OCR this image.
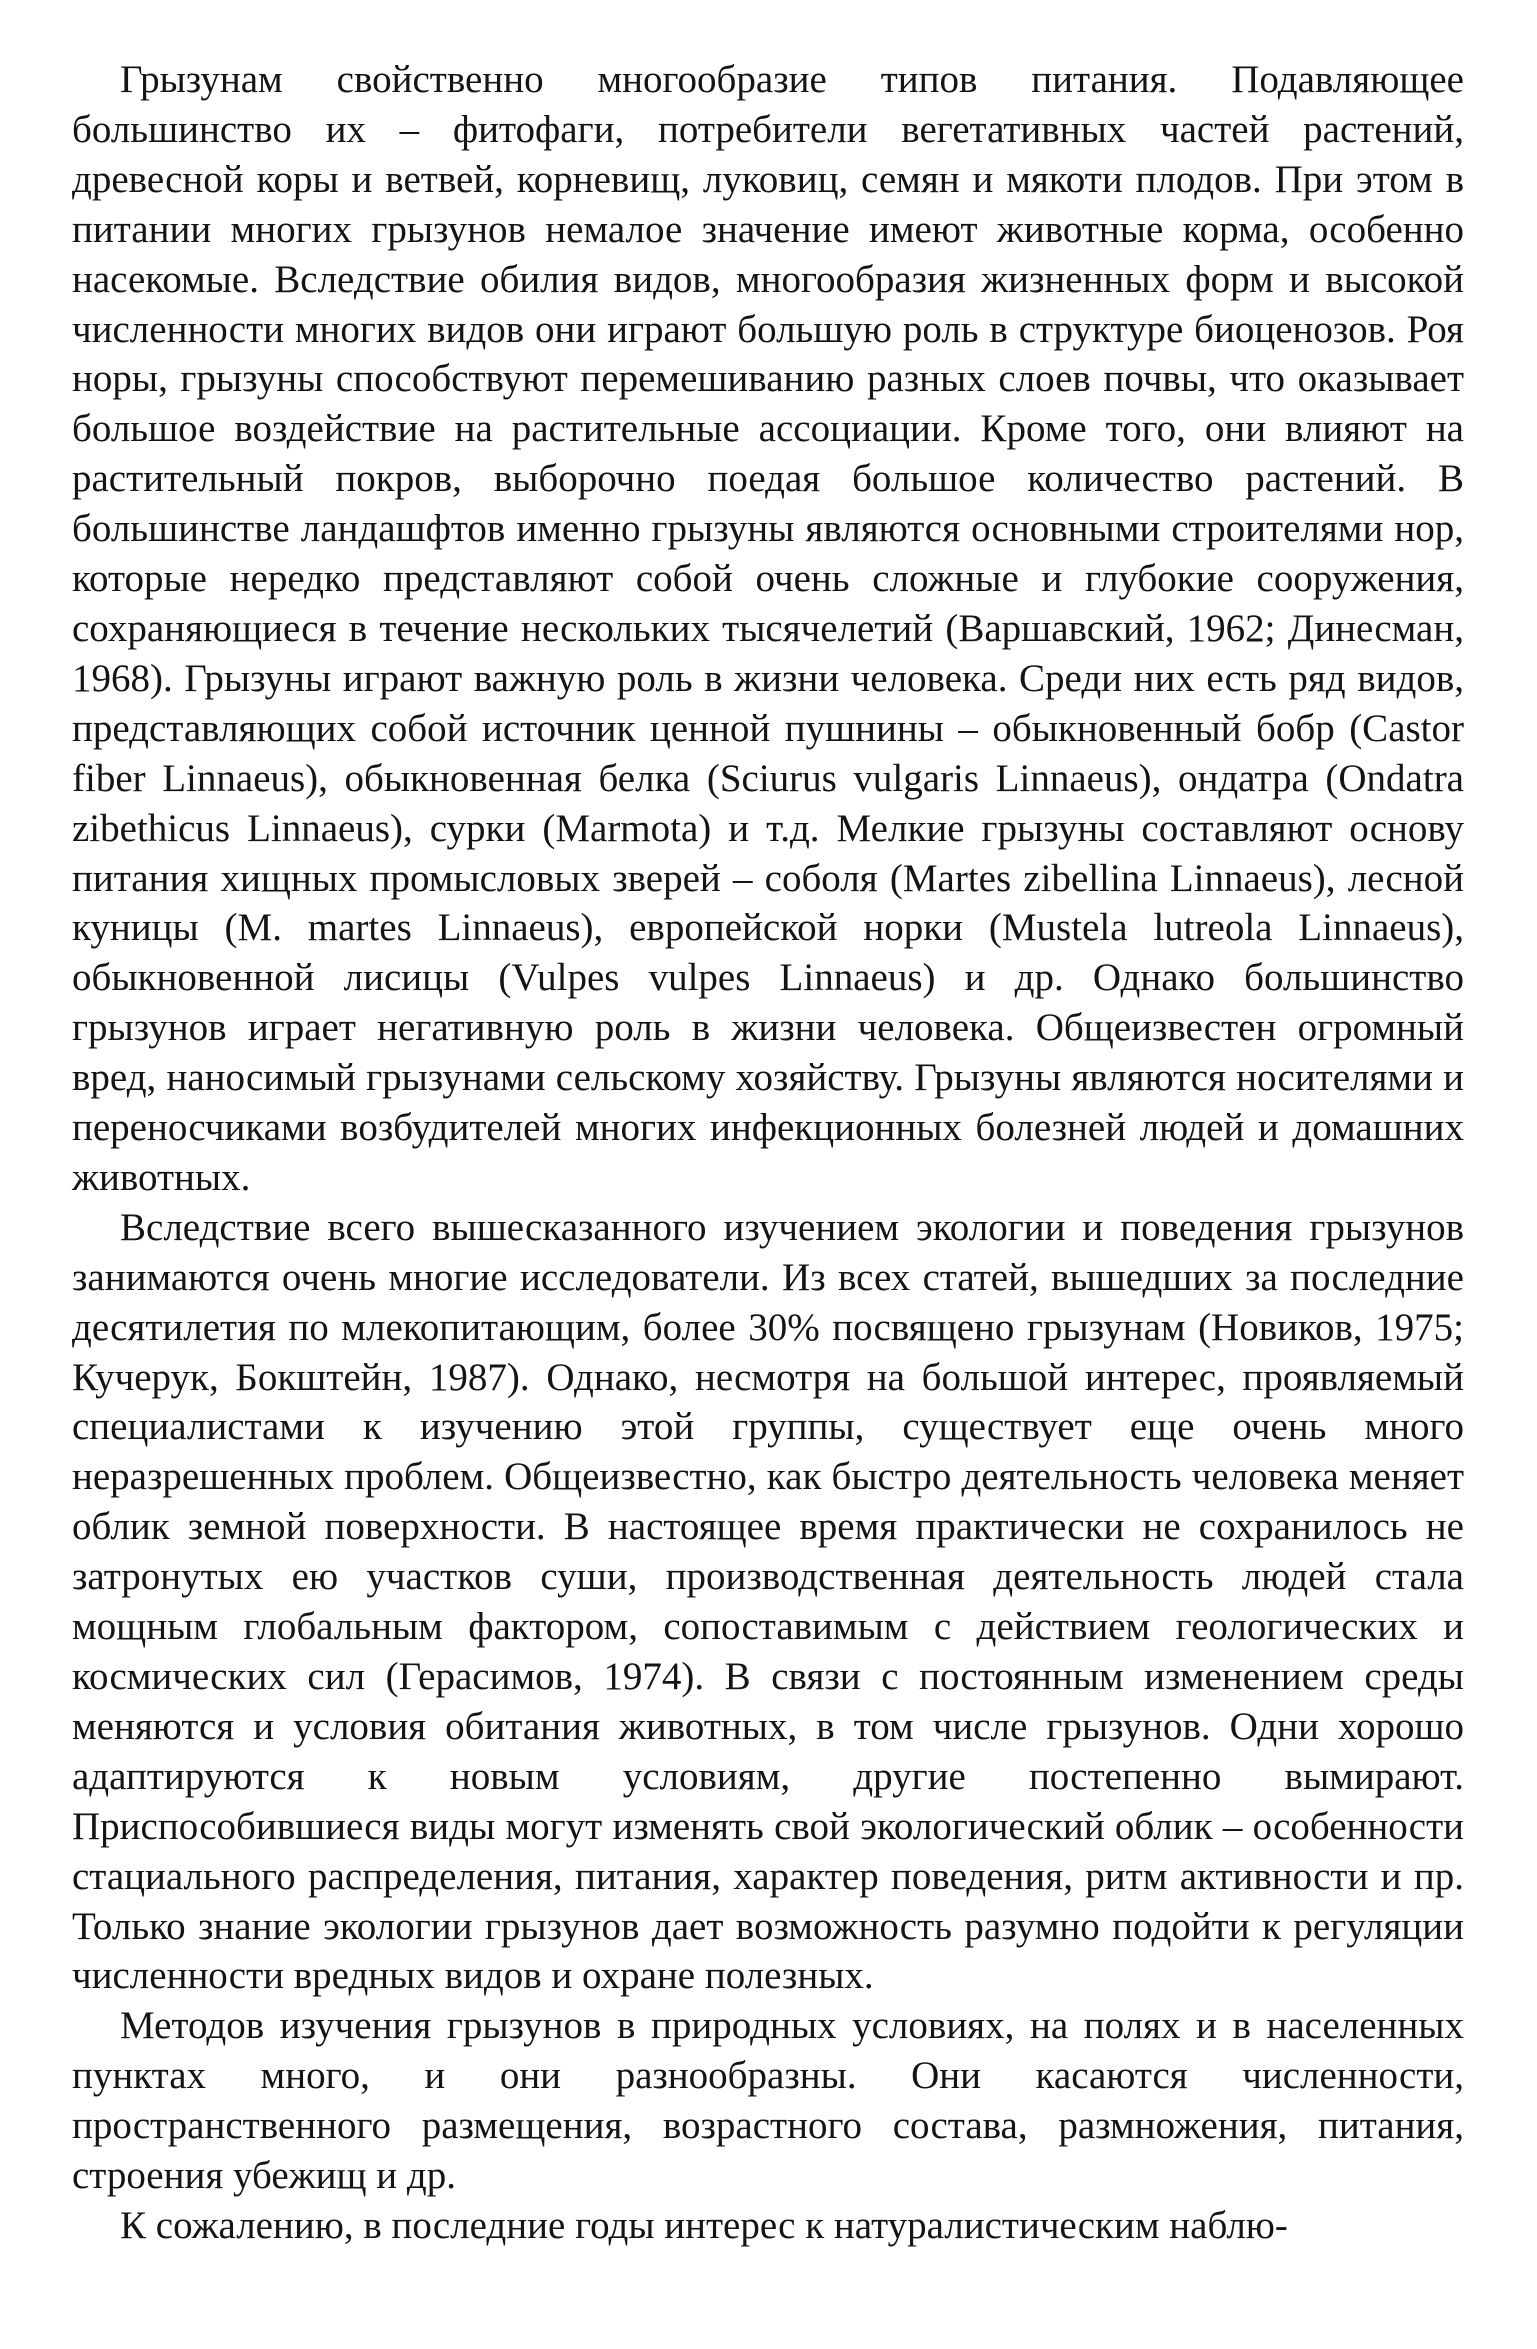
Грызунам свойственно многообразие типов питания. Подавляющее большинство их – фитофаги, потребители вегетативных частей растений, древесной коры и ветвей, корневищ, луковиц, семян и мякоти плодов. При этом в питании многих грызунов немалое значение имеют животные корма, особенно насекомые. Вследствие обилия видов, многообразия жизненных форм и высокой численности многих видов они играют большую роль в структуре биоценозов. Роя норы, грызуны способствуют перемешиванию разных слоев почвы, что оказывает большое воздействие на растительные ассоциации. Кроме того, они влияют на растительный покров, выборочно поедая большое количество растений. В большинстве ландашфтов именно грызуны являются основными строителями нор, которые нередко представляют собой очень сложные и глубокие сооружения, сохраняющиеся в течение нескольких тысячелетий (Варшавский, 1962; Динесман, 1968). Грызуны играют важную роль в жизни человека. Среди них есть ряд видов, представляющих собой источник ценной пушнины – обыкновенный бобр (Castor fiber Linnaeus), обыкновенная белка (Sciurus vulgaris Linnaeus), ондатра (Ondatra zibethicus Linnaeus), сурки (Marmota) и т.д. Мелкие грызуны составляют основу питания хищных промысловых зверей – соболя (Martes zibellina Linnaeus), лесной куницы (M. martes Linnaeus), европейской норки (Mustela lutreola Linnaeus), обыкновенной лисицы (Vulpes vulpes Linnaeus) и др. Однако большинство грызунов играет негативную роль в жизни человека. Общеизвестен огромный вред, наносимый грызунами сельскому хозяйству. Грызуны являются носителями и переносчиками возбудителей многих инфекционных болезней людей и домашних животных.

Вследствие всего вышесказанного изучением экологии и поведения грызунов занимаются очень многие исследователи. Из всех статей, вышедших за последние десятилетия по млекопитающим, более 30% посвящено грызунам (Новиков, 1975; Кучерук, Бокштейн, 1987). Однако, несмотря на большой интерес, проявляемый специалистами к изучению этой группы, существует еще очень много неразрешенных проблем. Общеизвестно, как быстро деятельность человека меняет облик земной поверхности. В настоящее время практически не сохранилось не затронутых ею участков суши, производственная деятельность людей стала мощным глобальным фактором, сопоставимым с действием геологических и космических сил (Герасимов, 1974). В связи с постоянным изменением среды меняются и условия обитания животных, в том числе грызунов. Одни хорошо адаптируются к новым условиям, другие постепенно вымирают. Приспособившиеся виды могут изменять свой экологический облик – особенности стациального распределения, питания, характер поведения, ритм активности и пр. Только знание экологии грызунов дает возможность разумно подойти к регуляции численности вредных видов и охране полезных.

Методов изучения грызунов в природных условиях, на полях и в населенных пунктах много, и они разнообразны. Они касаются численности, пространственного размещения, возрастного состава, размножения, питания, строения убежищ и др.

К сожалению, в последние годы интерес к натуралистическим наблю-
